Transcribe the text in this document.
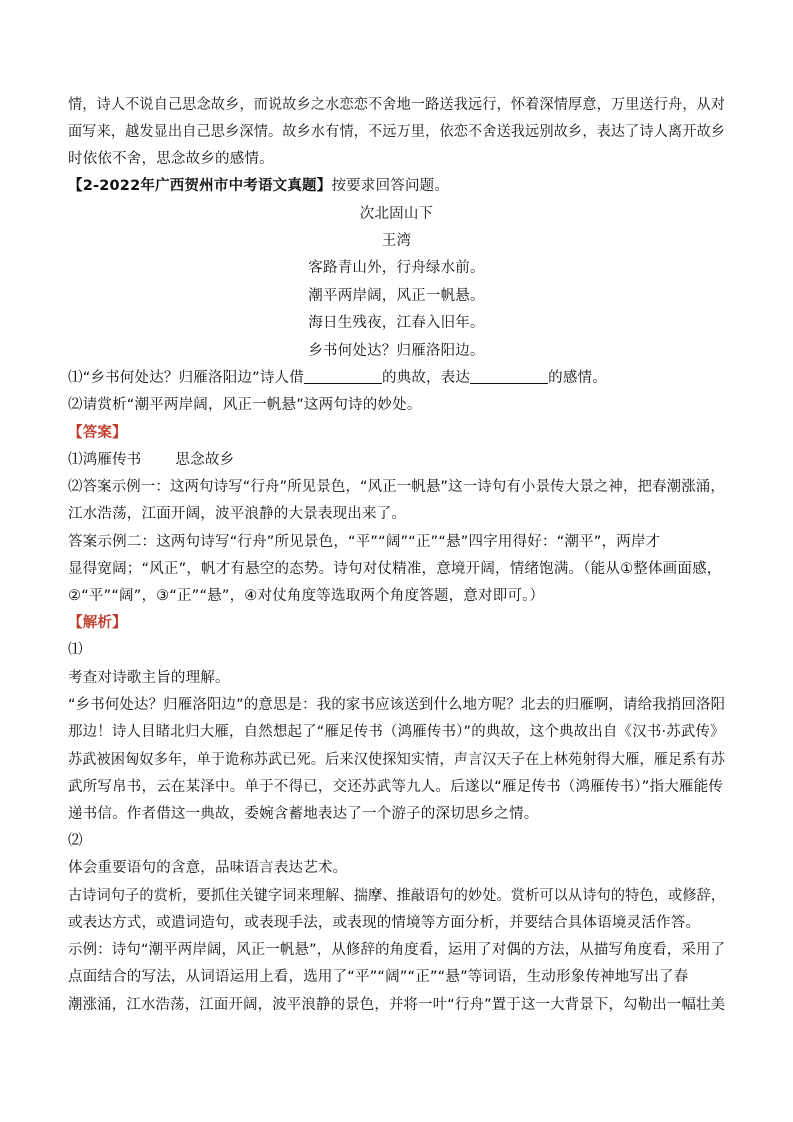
情，诗人不说自己思念故乡，而说故乡之水恋恋不舍地一路送我远行，怀着深情厚意，万里送行舟，从对
面写来，越发显出自己思乡深情。故乡水有情，不远万里，依恋不舍送我远别故乡，表达了诗人离开故乡
时依依不舍，思念故乡的感情。
【2-2022年广西贺州市中考语文真题】按要求回答问题。
次北固山下
王湾
客路青山外，行舟绿水前。
潮平两岸阔，风正一帆悬。
海日生残夜，江春入旧年。
乡书何处达？归雁洛阳边。
⑴“乡书何处达？归雁洛阳边”诗人借	的典故，表达	的感情。
⑵请赏析“潮平两岸阔，风正一帆悬”这两句诗的妙处。
【答案】
⑴鸿雁传书 思念故乡
⑵答案示例一：这两句诗写“行舟”所见景色，“风正一帆悬”这一诗句有小景传大景之神，把春潮涨涌，
江水浩荡，江面开阔，波平浪静的大景表现出来了。
答案示例二：这两句诗写“行舟”所见景色，“平”“阔”“正”“悬”四字用得好：“潮平”，两岸才
显得宽阔；“风正”，帆才有悬空的态势。诗句对仗精准，意境开阔，情绪饱满。（能从①整体画面感，
②“平”“阔”，③“正”“悬”，④对仗角度等选取两个角度答题，意对即可。）
【解析】
⑴
考查对诗歌主旨的理解。
“乡书何处达？归雁洛阳边”的意思是：我的家书应该送到什么地方呢？北去的归雁啊，请给我捎回洛阳
那边！诗人目睹北归大雁，自然想起了“雁足传书（鸿雁传书）”的典故，这个典故出自《汉书·苏武传》
苏武被困匈奴多年，单于诡称苏武已死。后来汉使探知实情，声言汉天子在上林苑射得大雁，雁足系有苏
武所写帛书，云在某泽中。单于不得已，交还苏武等九人。后遂以“雁足传书（鸿雁传书）”指大雁能传
递书信。作者借这一典故，委婉含蓄地表达了一个游子的深切思乡之情。
⑵
体会重要语句的含意，品味语言表达艺术。
古诗词句子的赏析，要抓住关键字词来理解、揣摩、推敲语句的妙处。赏析可以从诗句的特色，或修辞，
或表达方式，或遣词造句，或表现手法，或表现的情境等方面分析，并要结合具体语境灵活作答。
示例：诗句“潮平两岸阔，风正一帆悬”，从修辞的角度看，运用了对偶的方法，从描写角度看，采用了
点面结合的写法，从词语运用上看，选用了“平”“阔”“正”“悬”等词语，生动形象传神地写出了春
潮涨涌，江水浩荡，江面开阔，波平浪静的景色，并将一叶“行舟”置于这一大背景下，勾勒出一幅壮美
